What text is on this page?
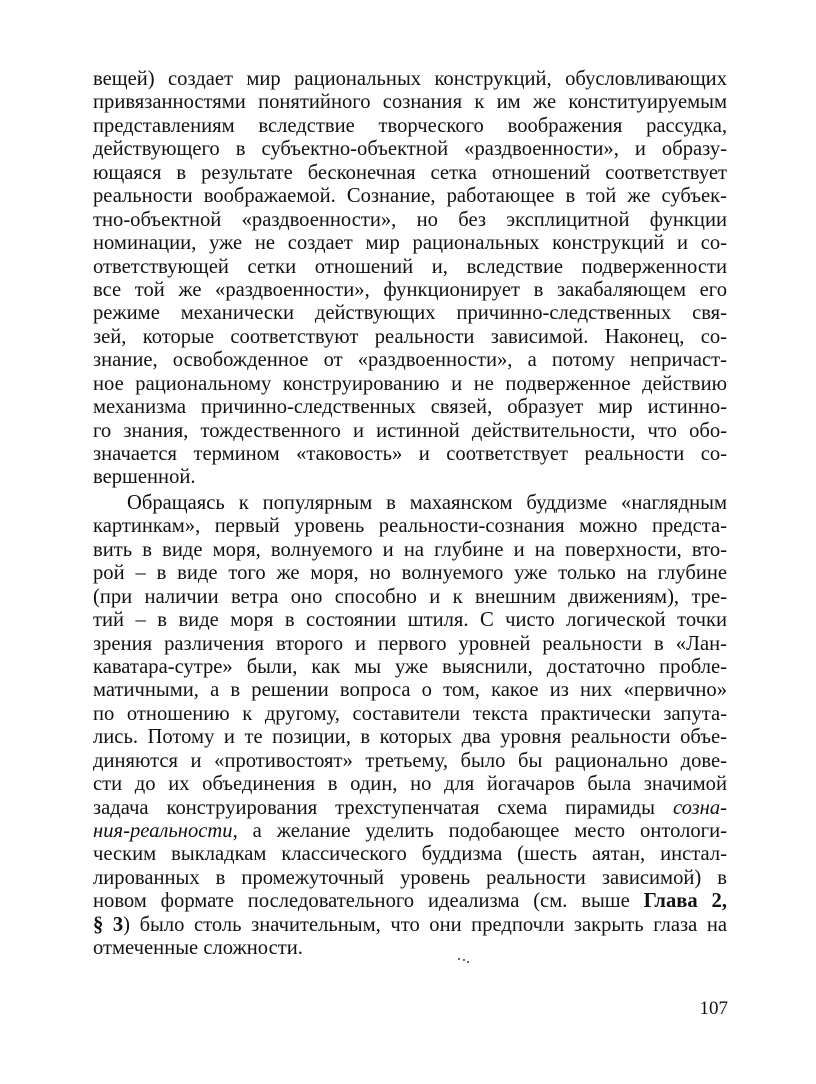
вещей) создает мир рациональных конструкций, обусловливающих
привязанностями понятийного сознания к им же конституируемым
представлениям вследствие творческого воображения рассудка,
действующего в субъектно-объектной «раздвоенности», и образу-
ющаяся в результате бесконечная сетка отношений соответствует
реальности воображаемой. Сознание, работающее в той же субъек-
тно-объектной «раздвоенности», но без эксплицитной функции
номинации, уже не создает мир рациональных конструкций и со-
ответствующей сетки отношений и, вследствие подверженности
все той же «раздвоенности», функционирует в закабаляющем его
режиме механически действующих причинно-следственных свя-
зей, которые соответствуют реальности зависимой. Наконец, со-
знание, освобожденное от «раздвоенности», а потому непричаст-
ное рациональному конструированию и не подверженное действию
механизма причинно-следственных связей, образует мир истинно-
го знания, тождественного и истинной действительности, что обо-
значается термином «таковость» и соответствует реальности со-
вершенной.
Обращаясь к популярным в махаянском буддизме «наглядным
картинкам», первый уровень реальности-сознания можно предста-
вить в виде моря, волнуемого и на глубине и на поверхности, вто-
рой – в виде того же моря, но волнуемого уже только на глубине
(при наличии ветра оно способно и к внешним движениям), тре-
тий – в виде моря в состоянии штиля. С чисто логической точки
зрения различения второго и первого уровней реальности в «Лан-
каватара-сутре» были, как мы уже выяснили, достаточно пробле-
матичными, а в решении вопроса о том, какое из них «первично»
по отношению к другому, составители текста практически запута-
лись. Потому и те позиции, в которых два уровня реальности объе-
диняются и «противостоят» третьему, было бы рационально дове-
сти до их объединения в один, но для йогачаров была значимой
задача конструирования трехступенчатая схема пирамиды созна-
ния-реальности, а желание уделить подобающее место онтологи-
ческим выкладкам классического буддизма (шесть аятан, инстал-
лированных в промежуточный уровень реальности зависимой) в
новом формате последовательного идеализма (см. выше Глава 2,
§ 3) было столь значительным, что они предпочли закрыть глаза на
отмеченные сложности.
107
